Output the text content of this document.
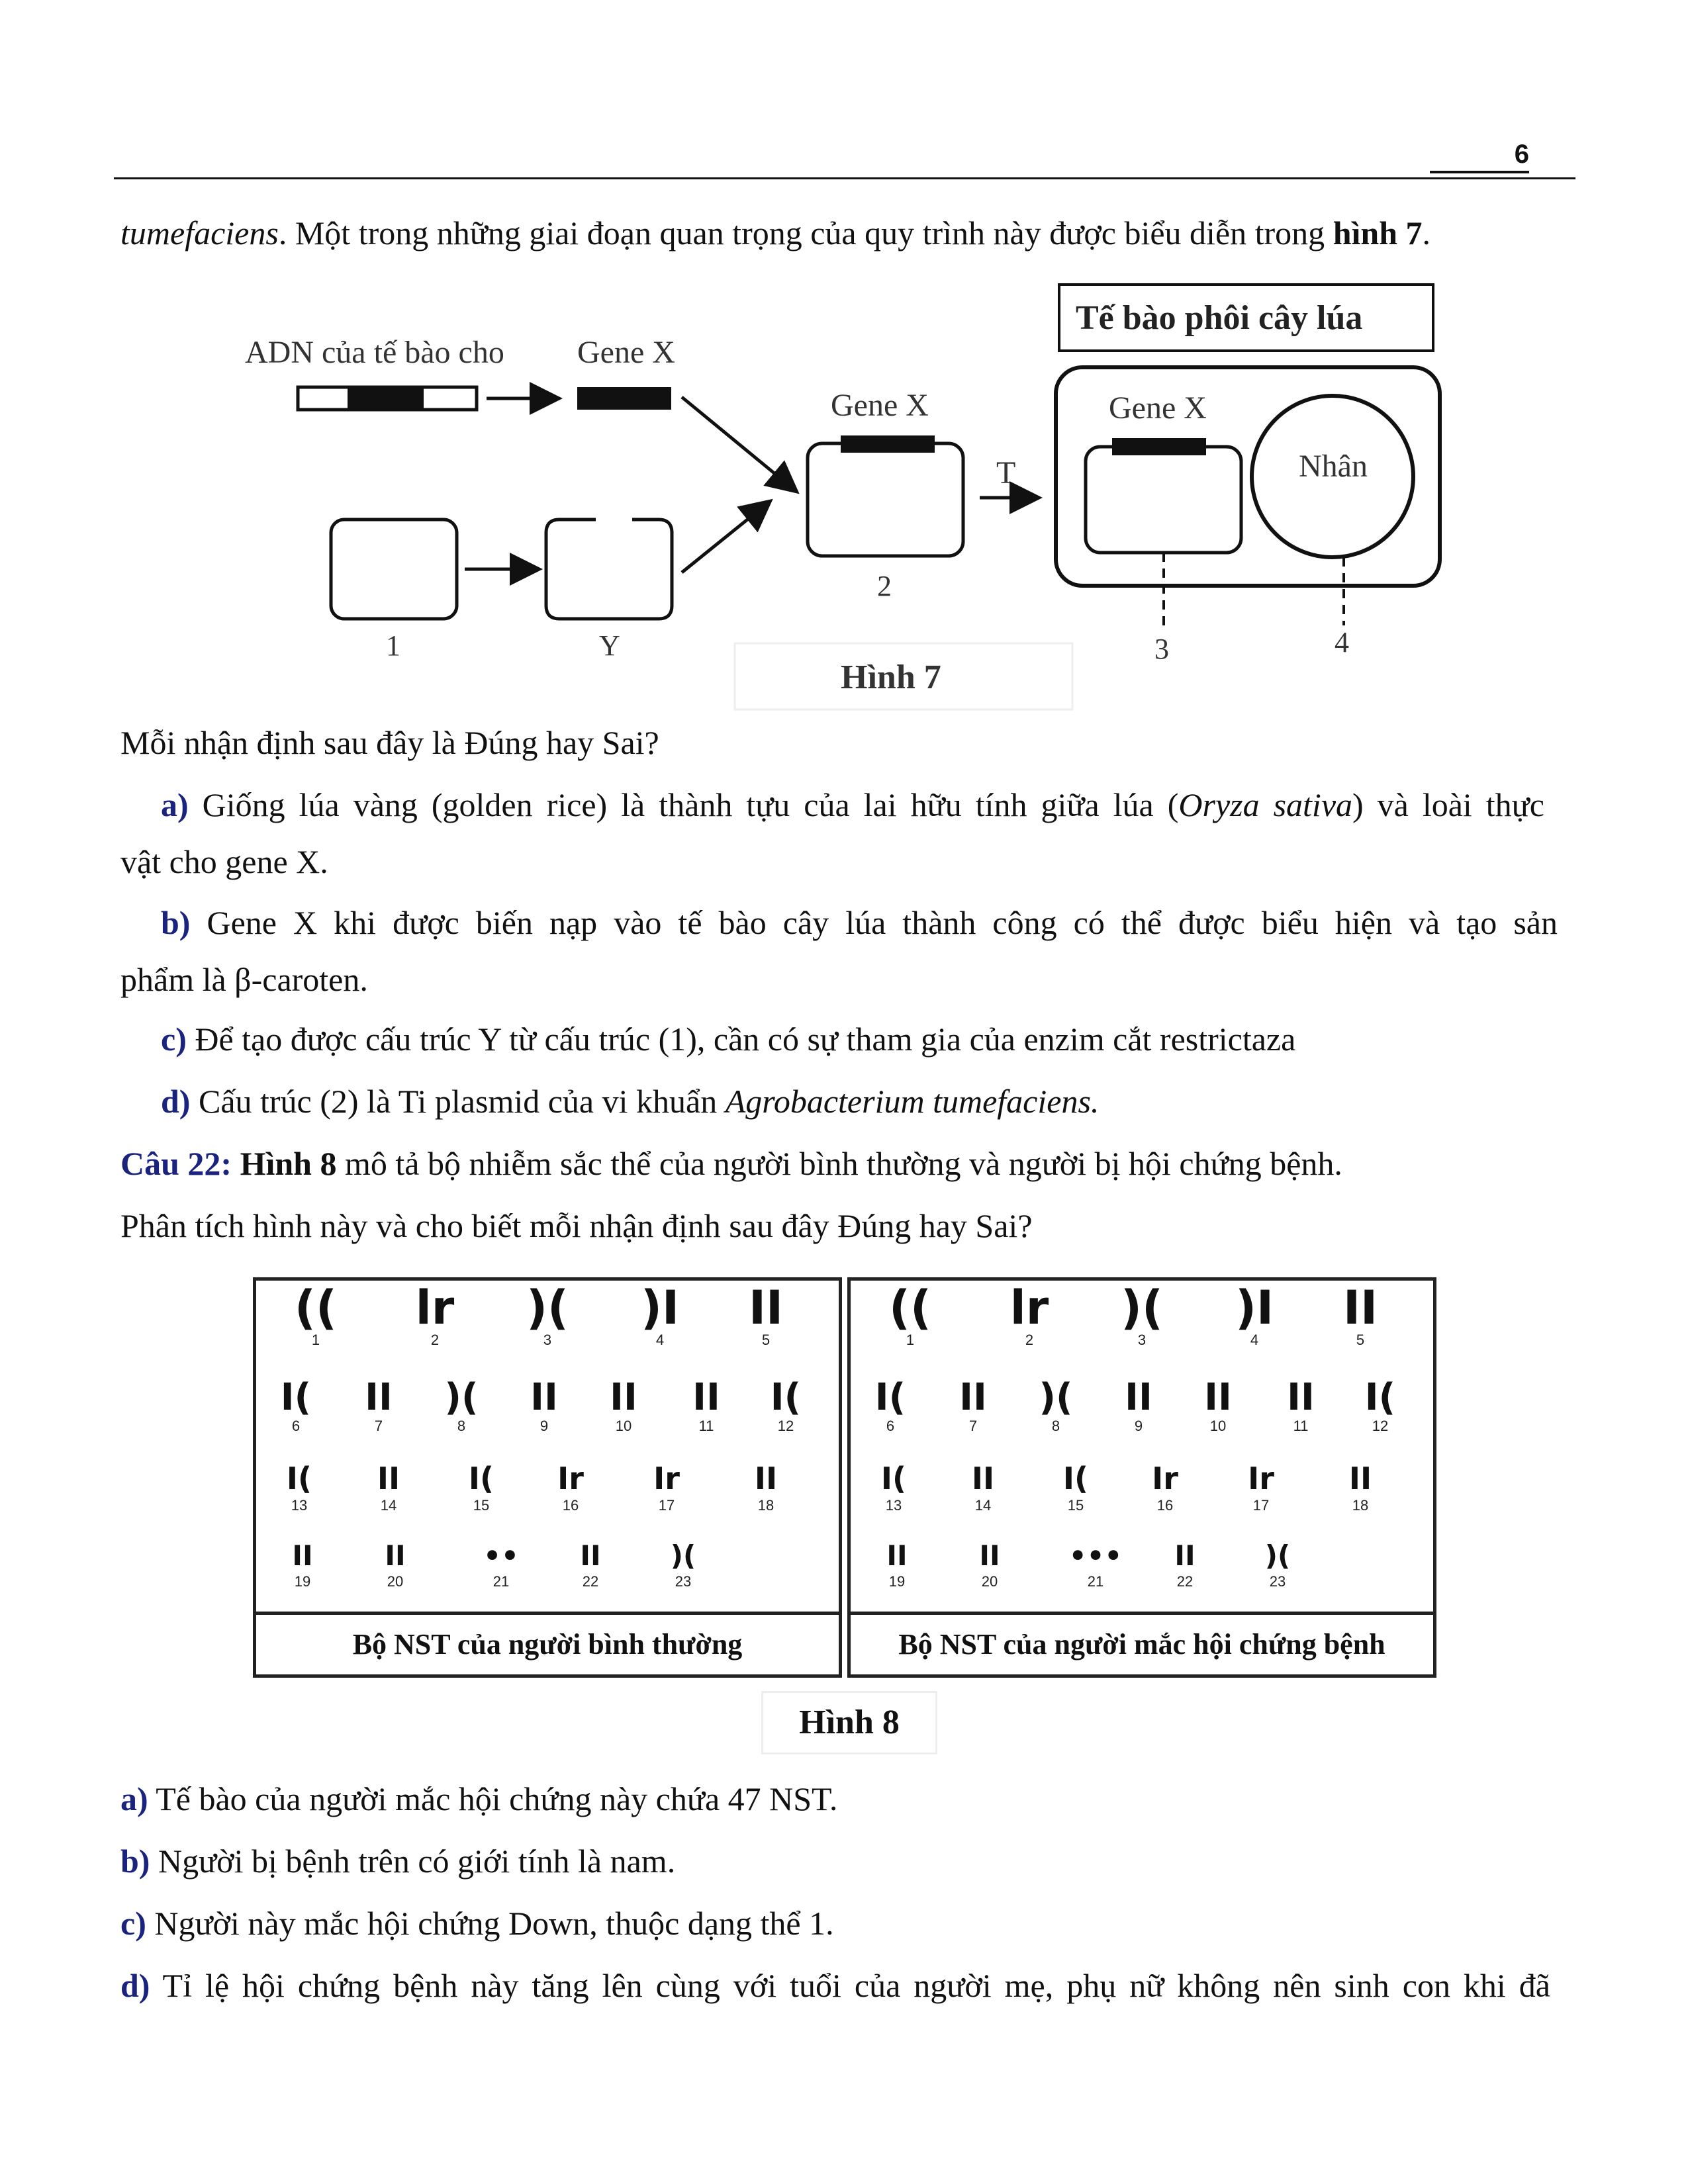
6
tumefaciens. Một trong những giai đoạn quan trọng của quy trình này được biểu diễn trong hình 7.
ADN của tế bào cho Gene X
1	Y
Gene X
2
T
Tế bào phôi cây lúa
Gene X
Nhân
3	4
Hình 7
Mỗi nhận định sau đây là Đúng hay Sai?
a) Giống lúa vàng (golden rice) là thành tựu của lai hữu tính giữa lúa (Oryza sativa) và loài thực
vật cho gene X.
b) Gene X khi được biến nạp vào tế bào cây lúa thành công có thể được biểu hiện và tạo sản
phẩm là β-caroten.
c) Để tạo được cấu trúc Y từ cấu trúc (1), cần có sự tham gia của enzim cắt restrictaza
d) Cấu trúc (2) là Ti plasmid của vi khuẩn Agrobacterium tumefaciens.
Câu 22: Hình 8 mô tả bộ nhiễm sắc thể của người bình thường và người bị hội chứng bệnh.
Phân tích hình này và cho biết mỗi nhận định sau đây Đúng hay Sai?
((
1
lr
2
)(
3
)I
4
II
5
I(
6
II
7
)(
8
II
9
II
10
II
11
I(
12
I(
13
II
14
I(
15
Ir
16
Ir
17
II
18
II
19
II
20
••
21
II
22
)(
23
((
1
lr
2
)(
3
)I
4
II
5
I(
6
II
7
)(
8
II
9
II
10
II
11
I(
12
I(
13
II
14
I(
15
Ir
16
Ir
17
II
18
II
19
II
20
•••
21
II
22
)(
23
Bộ NST của người bình thường	Bộ NST của người mắc hội chứng bệnh
Hình 8
a) Tế bào của người mắc hội chứng này chứa 47 NST.
b) Người bị bệnh trên có giới tính là nam.
c) Người này mắc hội chứng Down, thuộc dạng thể 1.
d) Tỉ lệ hội chứng bệnh này tăng lên cùng với tuổi của người mẹ, phụ nữ không nên sinh con khi đã
